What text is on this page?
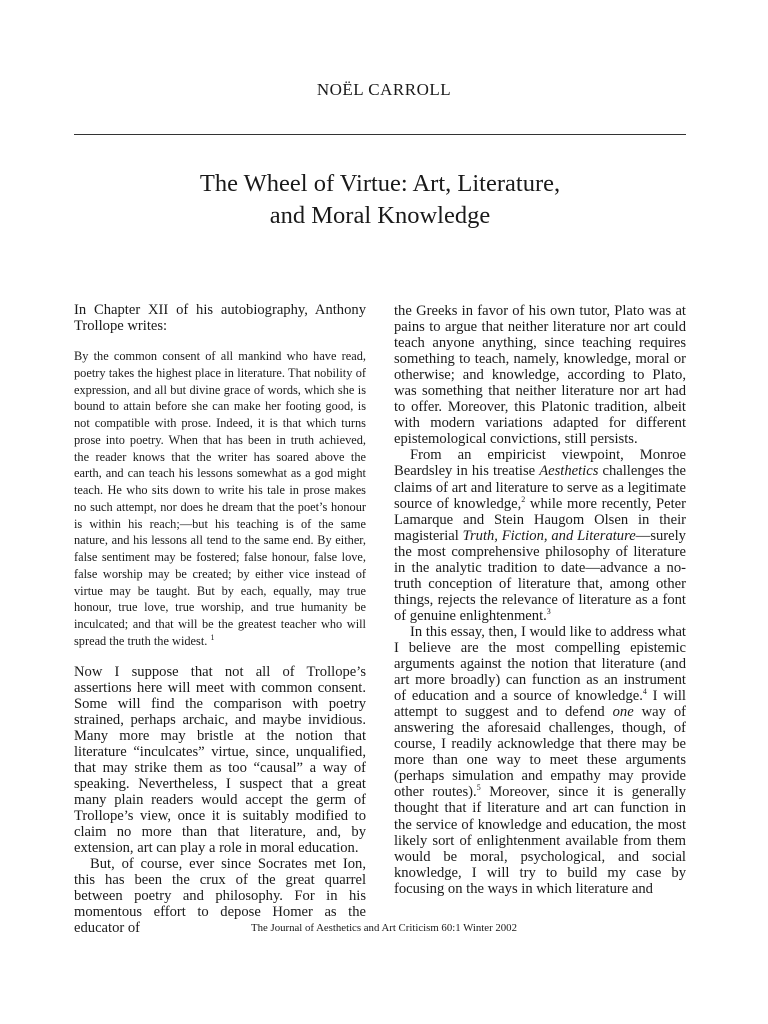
NOËL CARROLL
The Wheel of Virtue: Art, Literature,
and Moral Knowledge

In Chapter XII of his autobiography, Anthony Trollope writes:

By the common consent of all mankind who have read, poetry takes the highest place in literature. That nobility of expression, and all but divine grace of words, which she is bound to attain before she can make her footing good, is not compatible with prose. Indeed, it is that which turns prose into poetry. When that has been in truth achieved, the reader knows that the writer has soared above the earth, and can teach his lessons somewhat as a god might teach. He who sits down to write his tale in prose makes no such attempt, nor does he dream that the poet’s honour is within his reach;—but his teaching is of the same nature, and his lessons all tend to the same end. By either, false sentiment may be fostered; false honour, false love, false worship may be created; by either vice instead of virtue may be taught. But by each, equally, may true honour, true love, true worship, and true humanity be inculcated; and that will be the greatest teacher who will spread the truth the widest. $^1$

Now I suppose that not all of Trollope’s assertions here will meet with common consent. Some will find the comparison with poetry strained, perhaps archaic, and maybe invidious. Many more may bristle at the notion that literature “inculcates” virtue, since, unqualified, that may strike them as too “causal” a way of speaking. Nevertheless, I suspect that a great many plain readers would accept the germ of Trollope’s view, once it is suitably modified to claim no more than that literature, and, by extension, art can play a role in moral education.

But, of course, ever since Socrates met Ion, this has been the crux of the great quarrel between poetry and philosophy. For in his momentous effort to depose Homer as the educator of

the Greeks in favor of his own tutor, Plato was at pains to argue that neither literature nor art could teach anyone anything, since teaching requires something to teach, namely, knowledge, moral or otherwise; and knowledge, according to Plato, was something that neither literature nor art had to offer. Moreover, this Platonic tradition, albeit with modern variations adapted for different epistemological convictions, still persists.

From an empiricist viewpoint, Monroe Beardsley in his treatise Aesthetics challenges the claims of art and literature to serve as a legitimate source of knowledge,$^2$ while more recently, Peter Lamarque and Stein Haugom Olsen in their magisterial Truth, Fiction, and Literature—surely the most comprehensive philosophy of literature in the analytic tradition to date—advance a no-truth conception of literature that, among other things, rejects the relevance of literature as a font of genuine enlightenment.$^3$

In this essay, then, I would like to address what I believe are the most compelling epistemic arguments against the notion that literature (and art more broadly) can function as an instrument of education and a source of knowledge.$^4$ I will attempt to suggest and to defend one way of answering the aforesaid challenges, though, of course, I readily acknowledge that there may be more than one way to meet these arguments (perhaps simulation and empathy may provide other routes).$^5$ Moreover, since it is generally thought that if literature and art can function in the service of knowledge and education, the most likely sort of enlightenment available from them would be moral, psychological, and social knowledge, I will try to build my case by focusing on the ways in which literature and

The Journal of Aesthetics and Art Criticism 60:1 Winter 2002
